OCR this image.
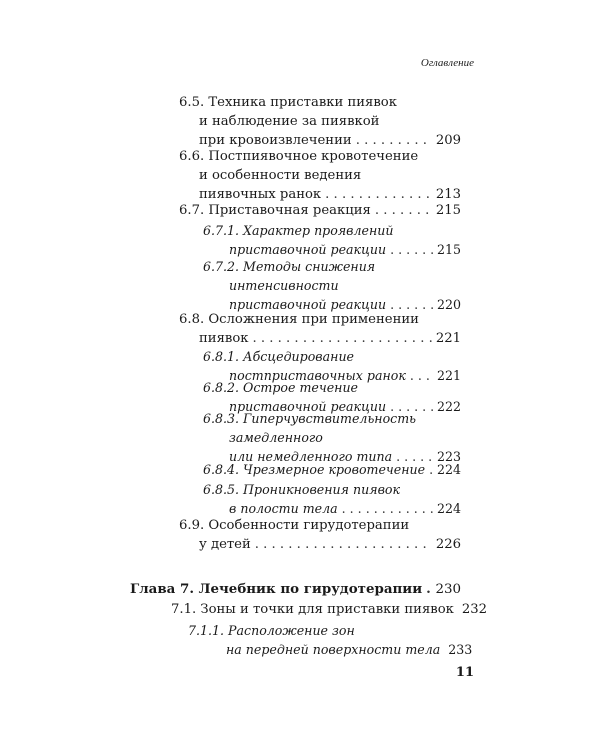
Оглавление
6.5. Техника приставки пиявок
и наблюдение за пиявкой
при кровоизвлечении . . .	209
6.6. Постпиявочное кровотечение
и особенности ведения
пиявочных ранок . . .	213
6.7. Приставочная реакция . . .	215
6.7.1. Характер проявлений
приставочной реакции . . .	215
6.7.2. Методы снижения
интенсивности
приставочной реакции . . .	220
6.8. Осложнения при применении
пиявок . . .	221
6.8.1. Абсцедирование
постприставочных ранок . . . 221
6.8.2. Острое течение
приставочной реакции . . .	222
6.8.3. Гиперчувствительность
замедленного
или немедленного типа . . .	223
6.8.4. Чрезмерное кровотечение . . . 224
6.8.5. Проникновения пиявок
в полости тела . . .	224
6.9. Особенности гирудотерапии
у детей . . .	226
Глава 7. Лечебник по гирудотерапии . . . 230
7.1. Зоны и точки для приставки пиявок 232
7.1.1. Расположение зон
на передней поверхности тела 233
11
